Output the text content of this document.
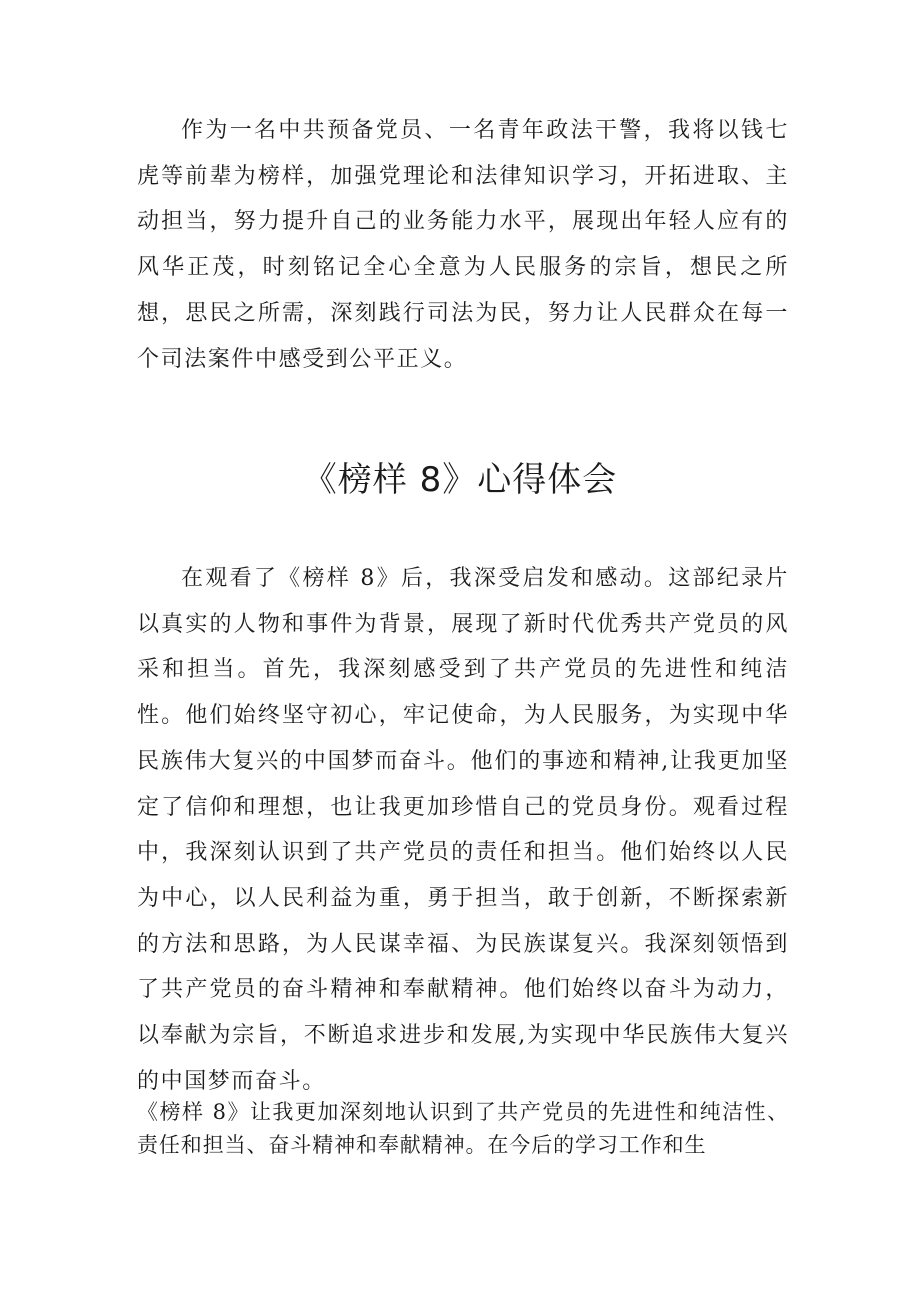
作为一名中共预备党员、一名青年政法干警，我将以钱七虎等前辈为榜样，加强党理论和法律知识学习，开拓进取、主动担当，努力提升自己的业务能力水平，展现出年轻人应有的风华正茂，时刻铭记全心全意为人民服务的宗旨，想民之所想，思民之所需，深刻践行司法为民，努力让人民群众在每一个司法案件中感受到公平正义。

《榜样 8》心得体会

在观看了《榜样 8》后，我深受启发和感动。这部纪录片以真实的人物和事件为背景，展现了新时代优秀共产党员的风采和担当。首先，我深刻感受到了共产党员的先进性和纯洁性。他们始终坚守初心，牢记使命，为人民服务，为实现中华民族伟大复兴的中国梦而奋斗。他们的事迹和精神,让我更加坚定了信仰和理想，也让我更加珍惜自己的党员身份。观看过程中，我深刻认识到了共产党员的责任和担当。他们始终以人民为中心，以人民利益为重，勇于担当，敢于创新，不断探索新的方法和思路，为人民谋幸福、为民族谋复兴。我深刻领悟到了共产党员的奋斗精神和奉献精神。他们始终以奋斗为动力，以奉献为宗旨，不断追求进步和发展,为实现中华民族伟大复兴的中国梦而奋斗。

《榜样 8》让我更加深刻地认识到了共产党员的先进性和纯洁性、责任和担当、奋斗精神和奉献精神。在今后的学习工作和生
